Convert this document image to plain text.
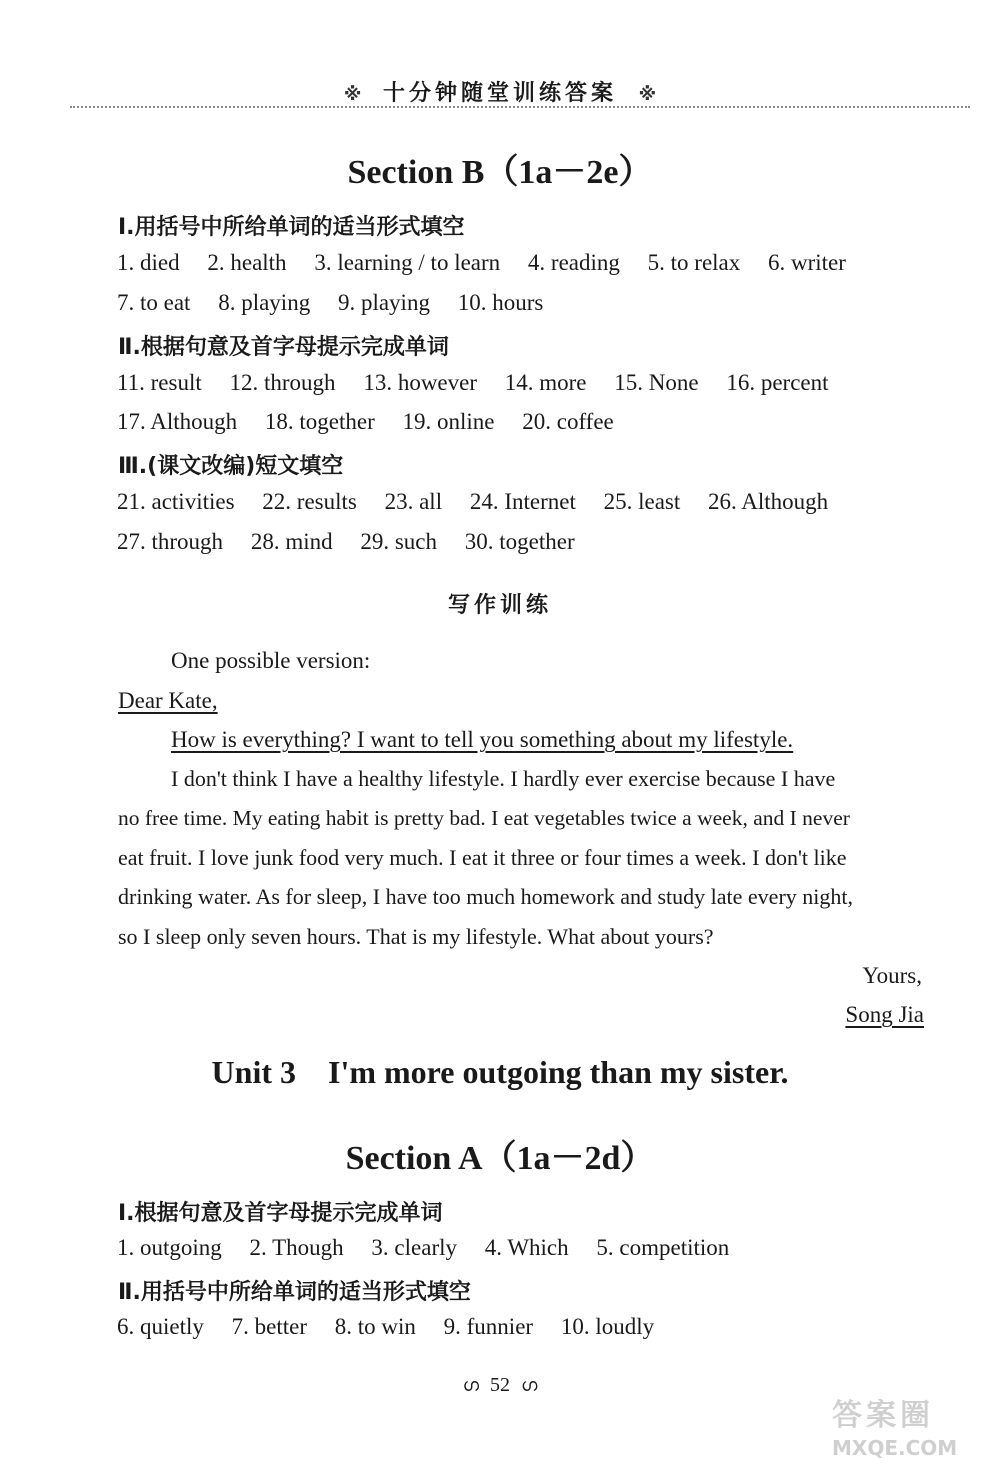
※ 十分钟随堂训练答案 ※
Section B（1a－2e）
Ⅰ.用括号中所给单词的适当形式填空
1. died 2. health 3. learning / to learn 4. reading 5. to relax 6. writer
7. to eat 8. playing 9. playing 10. hours
Ⅱ.根据句意及首字母提示完成单词
11. result 12. through 13. however 14. more 15. None 16. percent
17. Although 18. together 19. online 20. coffee
Ⅲ.(课文改编)短文填空
21. activities 22. results 23. all 24. Internet 25. least 26. Although
27. through 28. mind 29. such 30. together
写作训练
One possible version:
Dear Kate,
How is everything? I want to tell you something about my lifestyle.
I don't think I have a healthy lifestyle. I hardly ever exercise because I have
no free time. My eating habit is pretty bad. I eat vegetables twice a week, and I never
eat fruit. I love junk food very much. I eat it three or four times a week. I don't like
drinking water. As for sleep, I have too much homework and study late every night,
so I sleep only seven hours. That is my lifestyle. What about yours?
Yours,
Song Jia
Unit 3    I'm more outgoing than my sister.
Section A（1a－2d）
Ⅰ.根据句意及首字母提示完成单词
1. outgoing 2. Though 3. clearly 4. Which 5. competition
Ⅱ.用括号中所给单词的适当形式填空
6. quietly 7. better 8. to win 9. funnier 10. loudly
ഗ 52 ഗ
答案圈
MXQE.COM
